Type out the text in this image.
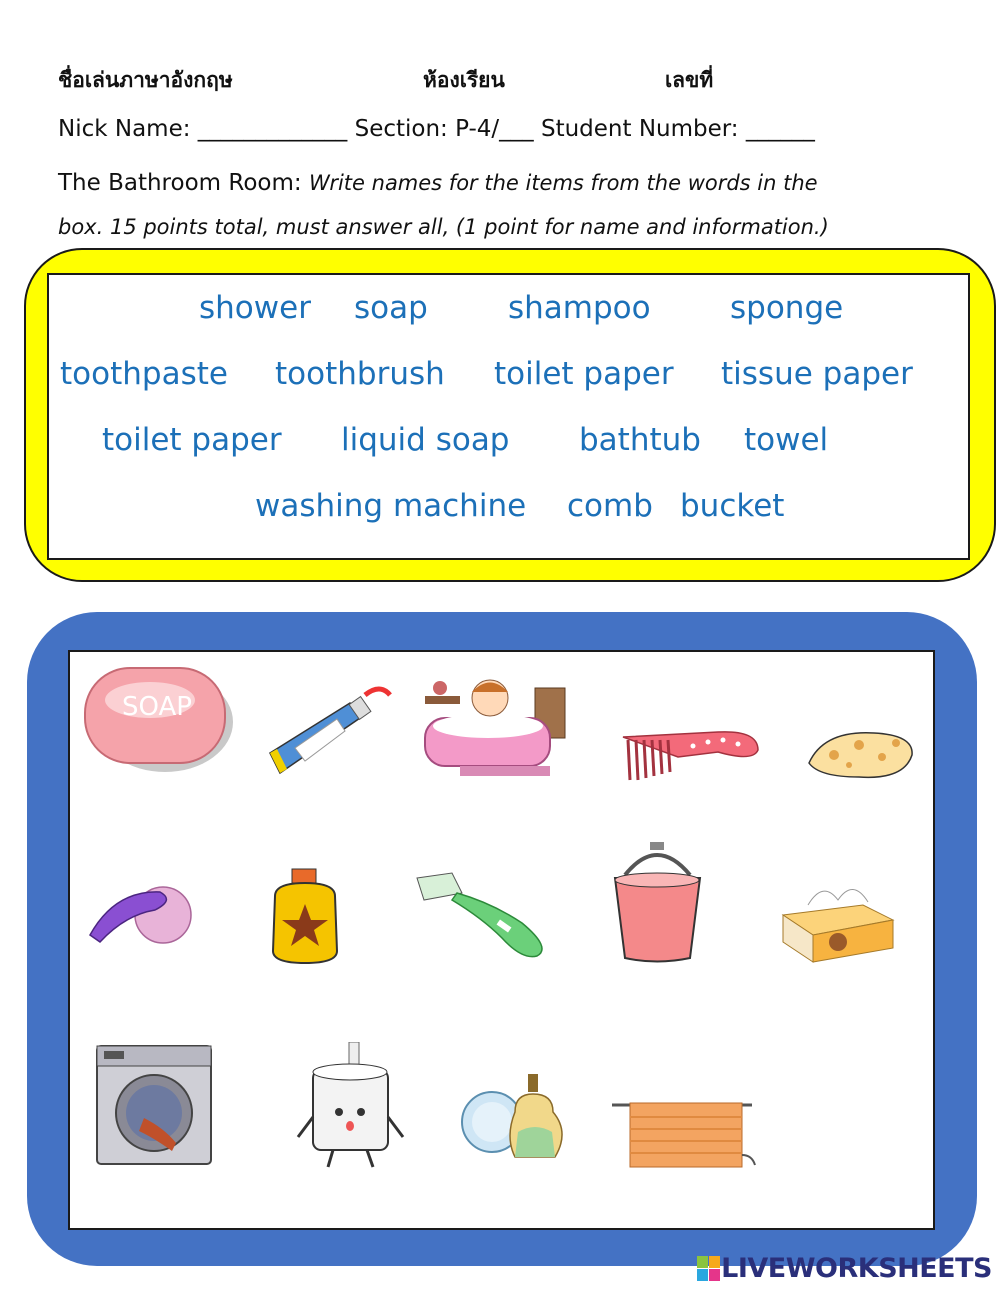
ชื่อเล่นภาษาอังกฤษ	ห้องเรียน	เลขที่
Nick Name: _____________ Section: P-4/___ Student Number: ______
The Bathroom Room: Write names for the items from the words in the
box. 15 points total, must answer all, (1 point for name and information.)
shower soap	shampoo	sponge
toothpaste toothbrush toilet paper tissue paper
toilet paper liquid soap bathtub towel
washing machine comb bucket
SOAP
LIVEWORKSHEETS
